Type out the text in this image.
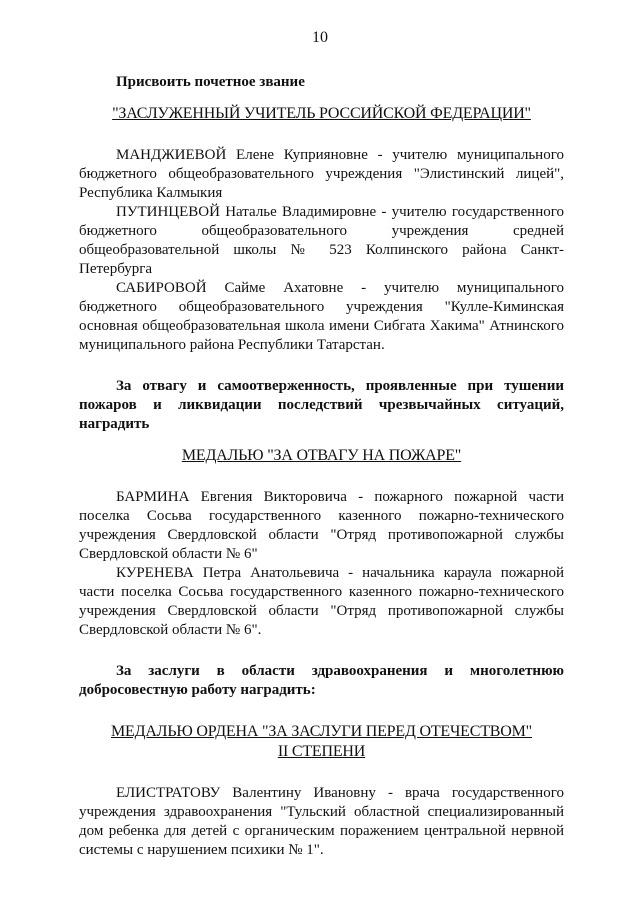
10

Присвоить почетное звание

"ЗАСЛУЖЕННЫЙ УЧИТЕЛЬ РОССИЙСКОЙ ФЕДЕРАЦИИ"

МАНДЖИЕВОЙ Елене Куприяновне - учителю муниципального бюджетного общеобразовательного учреждения "Элистинский лицей", Республика Калмыкия

ПУТИНЦЕВОЙ Наталье Владимировне - учителю государственного бюджетного общеобразовательного учреждения средней общеобразовательной школы № 523 Колпинского района Санкт-Петербурга

САБИРОВОЙ Сайме Ахатовне - учителю муниципального бюджетного общеобразовательного учреждения "Кулле-Киминская основная общеобразовательная школа имени Сибгата Хакима" Атнинского муниципального района Республики Татарстан.

За отвагу и самоотверженность, проявленные при тушении пожаров и ликвидации последствий чрезвычайных ситуаций, наградить

МЕДАЛЬЮ "ЗА ОТВАГУ НА ПОЖАРЕ"

БАРМИНА Евгения Викторовича - пожарного пожарной части поселка Сосьва государственного казенного пожарно-технического учреждения Свердловской области "Отряд противопожарной службы Свердловской области № 6"

КУРЕНЕВА Петра Анатольевича - начальника караула пожарной части поселка Сосьва государственного казенного пожарно-технического учреждения Свердловской области "Отряд противопожарной службы Свердловской области № 6".

За заслуги в области здравоохранения и многолетнюю добросовестную работу наградить:

МЕДАЛЬЮ ОРДЕНА "ЗА ЗАСЛУГИ ПЕРЕД ОТЕЧЕСТВОМ"

II СТЕПЕНИ

ЕЛИСТРАТОВУ Валентину Ивановну - врача государственного учреждения здравоохранения "Тульский областной специализированный дом ребенка для детей с органическим поражением центральной нервной системы с нарушением психики № 1".
